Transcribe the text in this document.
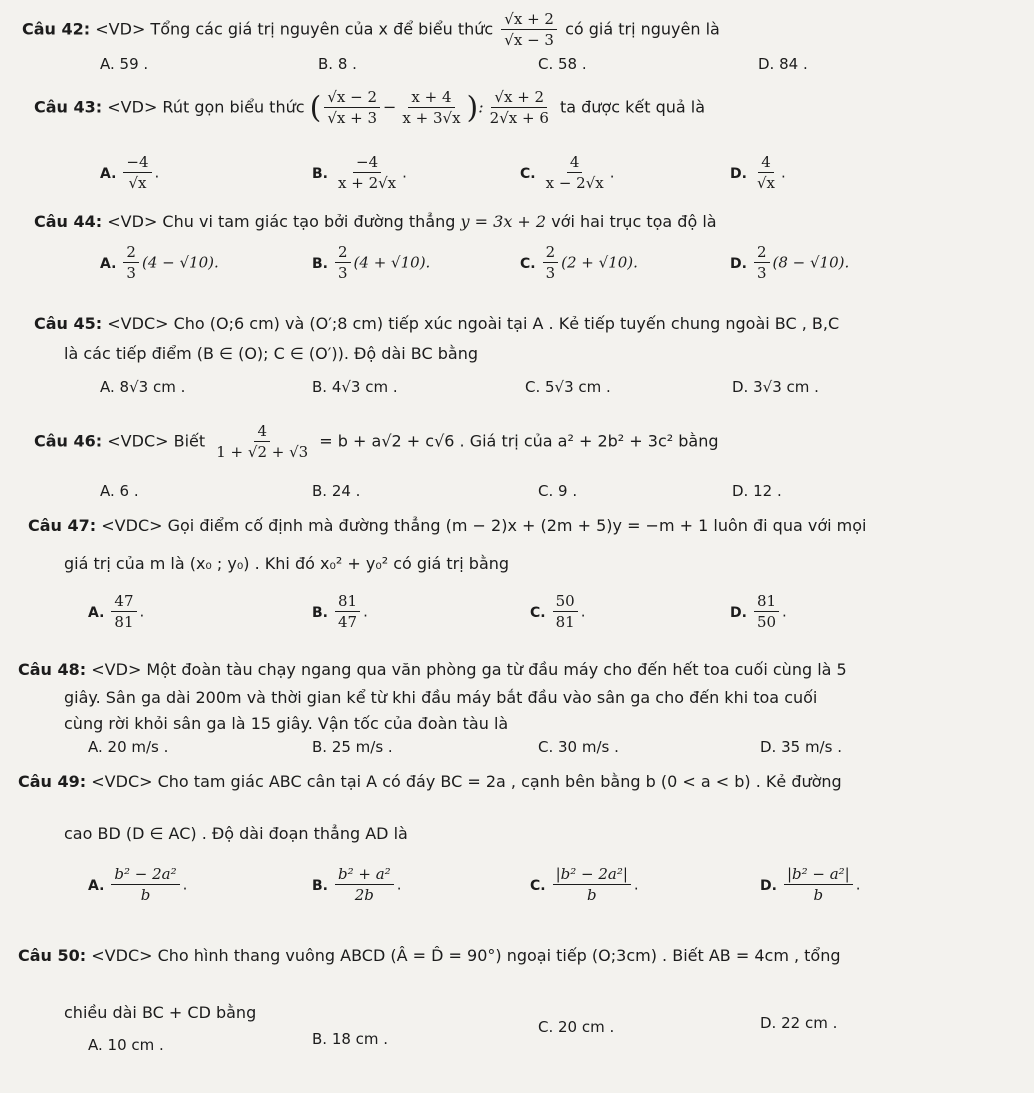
Câu 42: <VD> Tổng các giá trị nguyên của x để biểu thức $\frac{√x + 2}{√x - 3}$ có giá trị nguyên là
A. 59 .	B. 8 .	C. 58 .	D. 84 .
Câu 43: <VD> Rút gọn biểu thức ( $\frac{√x - 2}{√x + 3} - \frac{x + 4}{x + 3√x}$ ): $\frac{√x + 2}{2√x + 6}$ ta được kết quả là
A. $\frac{-4}{√x}$ .	B. $\frac{-4}{x + 2√x}$ .	C. $\frac{4}{x - 2√x}$ .	D. $\frac{4}{√x}$ .
Câu 44: <VD> Chu vi tam giác tạo bởi đường thẳng y = 3x + 2 với hai trục tọa độ là
A. $\frac{2}{3} (4 - √10)$.	B. $\frac{2}{3} (4 + √10)$.	C. $\frac{2}{3} (2 + √10)$.	D. $\frac{2}{3} (8 - √10)$.
Câu 45: <VDC> Cho (O;6 cm) và (O′;8 cm) tiếp xúc ngoài tại A . Kẻ tiếp tuyến chung ngoài BC , B,C
là các tiếp điểm (B ∈ (O); C ∈ (O′)). Độ dài BC bằng
A. 8√3 cm .	B. 4√3 cm .	C. 5√3 cm .	D. 3√3 cm .
Câu 46: <VDC> Biết $\frac{4}{1 + √2 + √3} = b + a√2 + c√6$ . Giá trị của a² + 2b² + 3c² bằng
A. 6 .	B. 24 .	C. 9 .	D. 12 .
Câu 47: <VDC> Gọi điểm cố định mà đường thẳng (m − 2)x + (2m + 5)y = −m + 1 luôn đi qua với mọi
giá trị của m là (x₀ ; y₀) . Khi đó x₀² + y₀² có giá trị bằng
A. $\frac{47}{81}$ .	B. $\frac{81}{47}$ .	C. $\frac{50}{81}$ .	D. $\frac{81}{50}$ .
Câu 48: <VD> Một đoàn tàu chạy ngang qua văn phòng ga từ đầu máy cho đến hết toa cuối cùng là 5
giây. Sân ga dài 200m và thời gian kể từ khi đầu máy bắt đầu vào sân ga cho đến khi toa cuối
cùng rời khỏi sân ga là 15 giây. Vận tốc của đoàn tàu là
A. 20 m/s .	B. 25 m/s .	C. 30 m/s .	D. 35 m/s .
Câu 49: <VDC> Cho tam giác ABC cân tại A có đáy BC = 2a , cạnh bên bằng b (0 < a < b) . Kẻ đường
cao BD (D ∈ AC) . Độ dài đoạn thẳng AD là
A. $\frac{\text{b² − 2a²}}{b}$ .	B. $\frac{\text{b² + a²}}{2b}$ .	C. $\frac{\text{|b² − 2a²|}}{b}$ .	D. $\frac{\text{|b² − a²|}}{b}$ .
Câu 50: <VDC> Cho hình thang vuông ABCD (Â = D̂ = 90°) ngoại tiếp (O;3cm) . Biết AB = 4cm , tổng
chiều dài BC + CD bằng
A. 10 cm .	B. 18 cm .
C. 20 cm .	D. 22 cm .
